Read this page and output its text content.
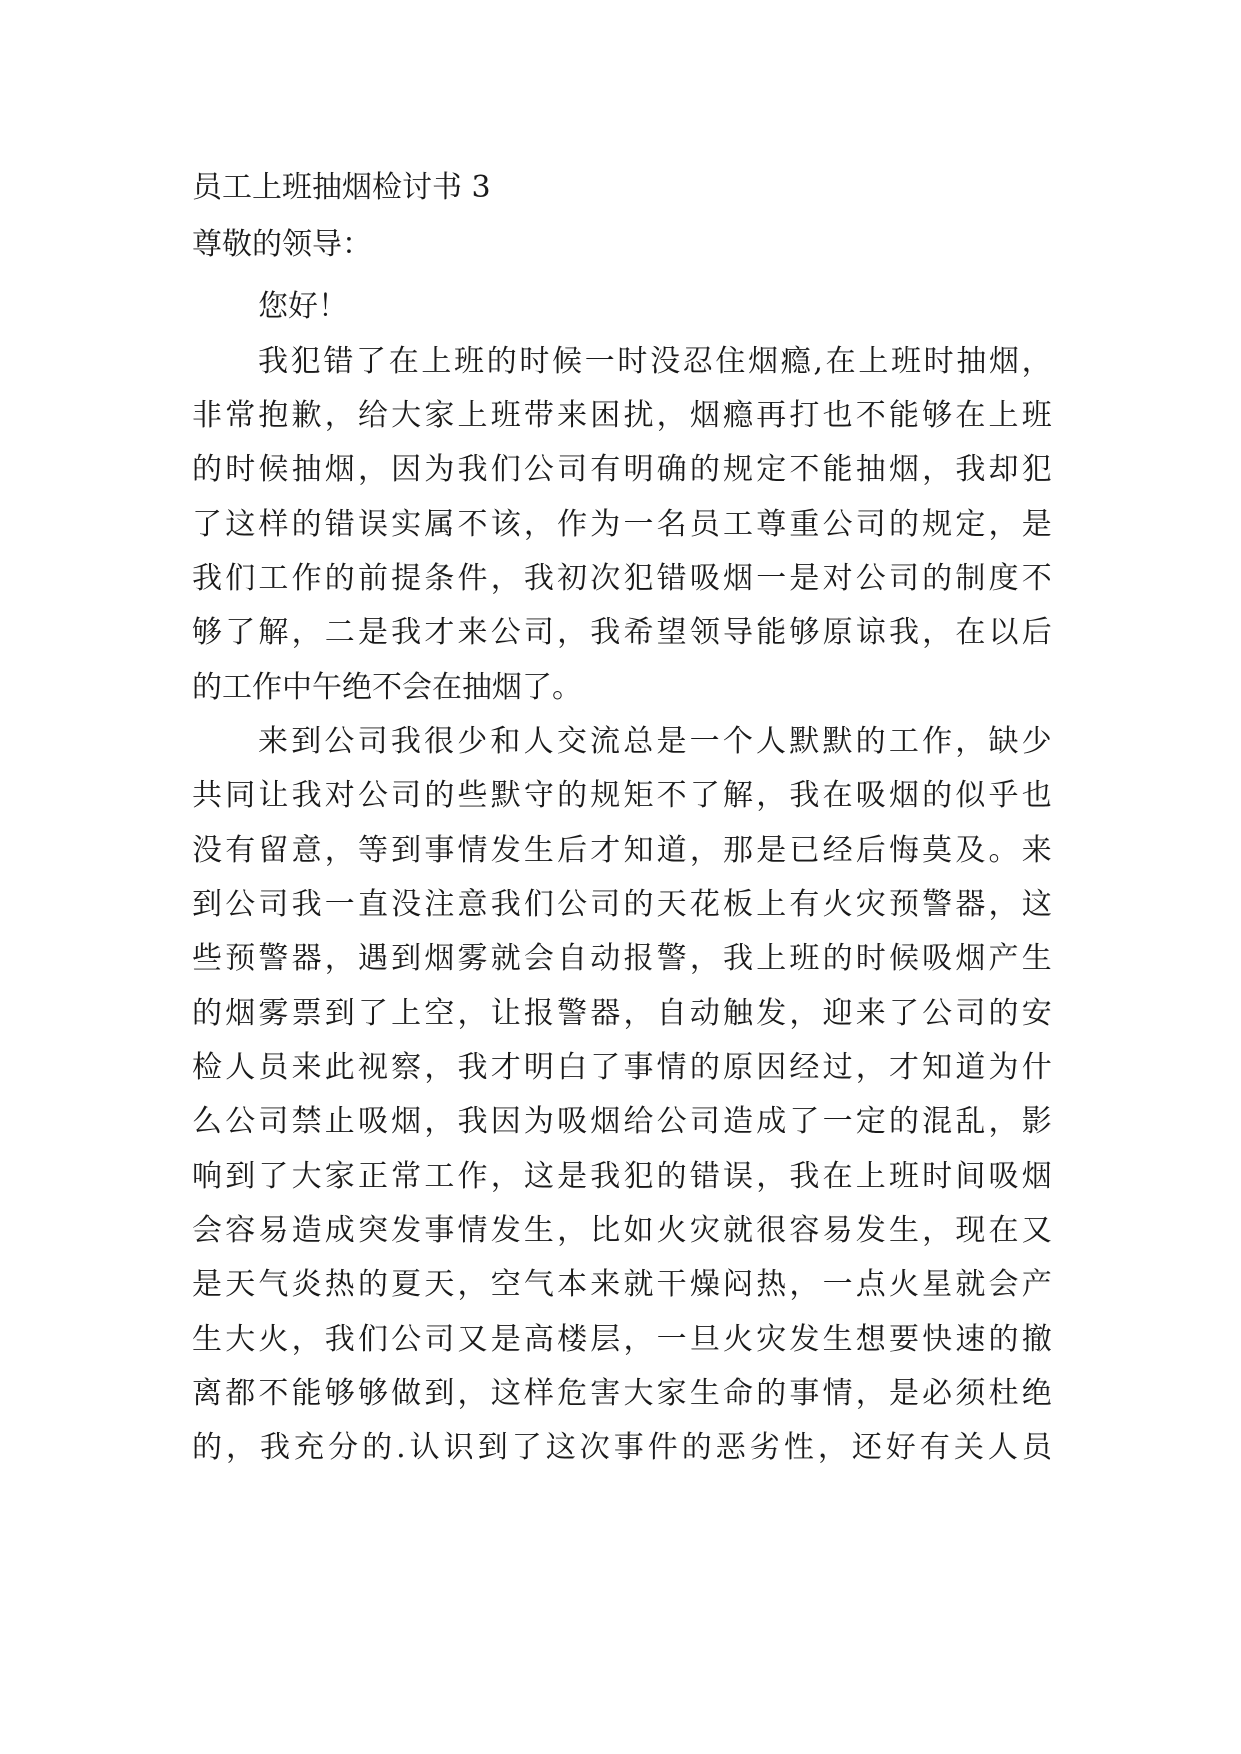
员工上班抽烟检讨书 3
尊敬的领导：
您好！
我 犯 错 了 在 上 班 的 时 候 一 时 没 忍 住 烟 瘾 , 在 上 班 时 抽 烟 ，
非 常 抱 歉 ， 给 大 家 上 班 带 来 困 扰 ， 烟 瘾 再 打 也 不 能 够 在 上 班
的 时 候 抽 烟 ， 因 为 我 们 公 司 有 明 确 的 规 定 不 能 抽 烟 ， 我 却 犯
了 这 样 的 错 误 实 属 不 该 ， 作 为 一 名 员 工 尊 重 公 司 的 规 定 ， 是
我 们 工 作 的 前 提 条 件 ， 我 初 次 犯 错 吸 烟 一 是 对 公 司 的 制 度 不
够 了 解 ， 二 是 我 才 来 公 司 ， 我 希 望 领 导 能 够 原 谅 我 ， 在 以 后
的工作中午绝不会在抽烟了。
来 到 公 司 我 很 少 和 人 交 流 总 是 一 个 人 默 默 的 工 作 ， 缺 少
共 同 让 我 对 公 司 的 些 默 守 的 规 矩 不 了 解 ， 我 在 吸 烟 的 似 乎 也
没 有 留 意 ， 等 到 事 情 发 生 后 才 知 道 ， 那 是 已 经 后 悔 莫 及 。 来
到 公 司 我 一 直 没 注 意 我 们 公 司 的 天 花 板 上 有 火 灾 预 警 器 ， 这
些 预 警 器 ， 遇 到 烟 雾 就 会 自 动 报 警 ， 我 上 班 的 时 候 吸 烟 产 生
的 烟 雾 票 到 了 上 空 ， 让 报 警 器 ， 自 动 触 发 ， 迎 来 了 公 司 的 安
检 人 员 来 此 视 察 ， 我 才 明 白 了 事 情 的 原 因 经 过 ， 才 知 道 为 什
么 公 司 禁 止 吸 烟 ， 我 因 为 吸 烟 给 公 司 造 成 了 一 定 的 混 乱 ， 影
响 到 了 大 家 正 常 工 作 ， 这 是 我 犯 的 错 误 ， 我 在 上 班 时 间 吸 烟
会 容 易 造 成 突 发 事 情 发 生 ， 比 如 火 灾 就 很 容 易 发 生 ， 现 在 又
是 天 气 炎 热 的 夏 天 ， 空 气 本 来 就 干 燥 闷 热 ， 一 点 火 星 就 会 产
生 大 火 ， 我 们 公 司 又 是 高 楼 层 ， 一 旦 火 灾 发 生 想 要 快 速 的 撤
离 都 不 能 够 够 做 到 ， 这 样 危 害 大 家 生 命 的 事 情 ， 是 必 须 杜 绝
的 ， 我 充 分 的 . 认 识 到 了 这 次 事 件 的 恶 劣 性 ， 还 好 有 关 人 员
